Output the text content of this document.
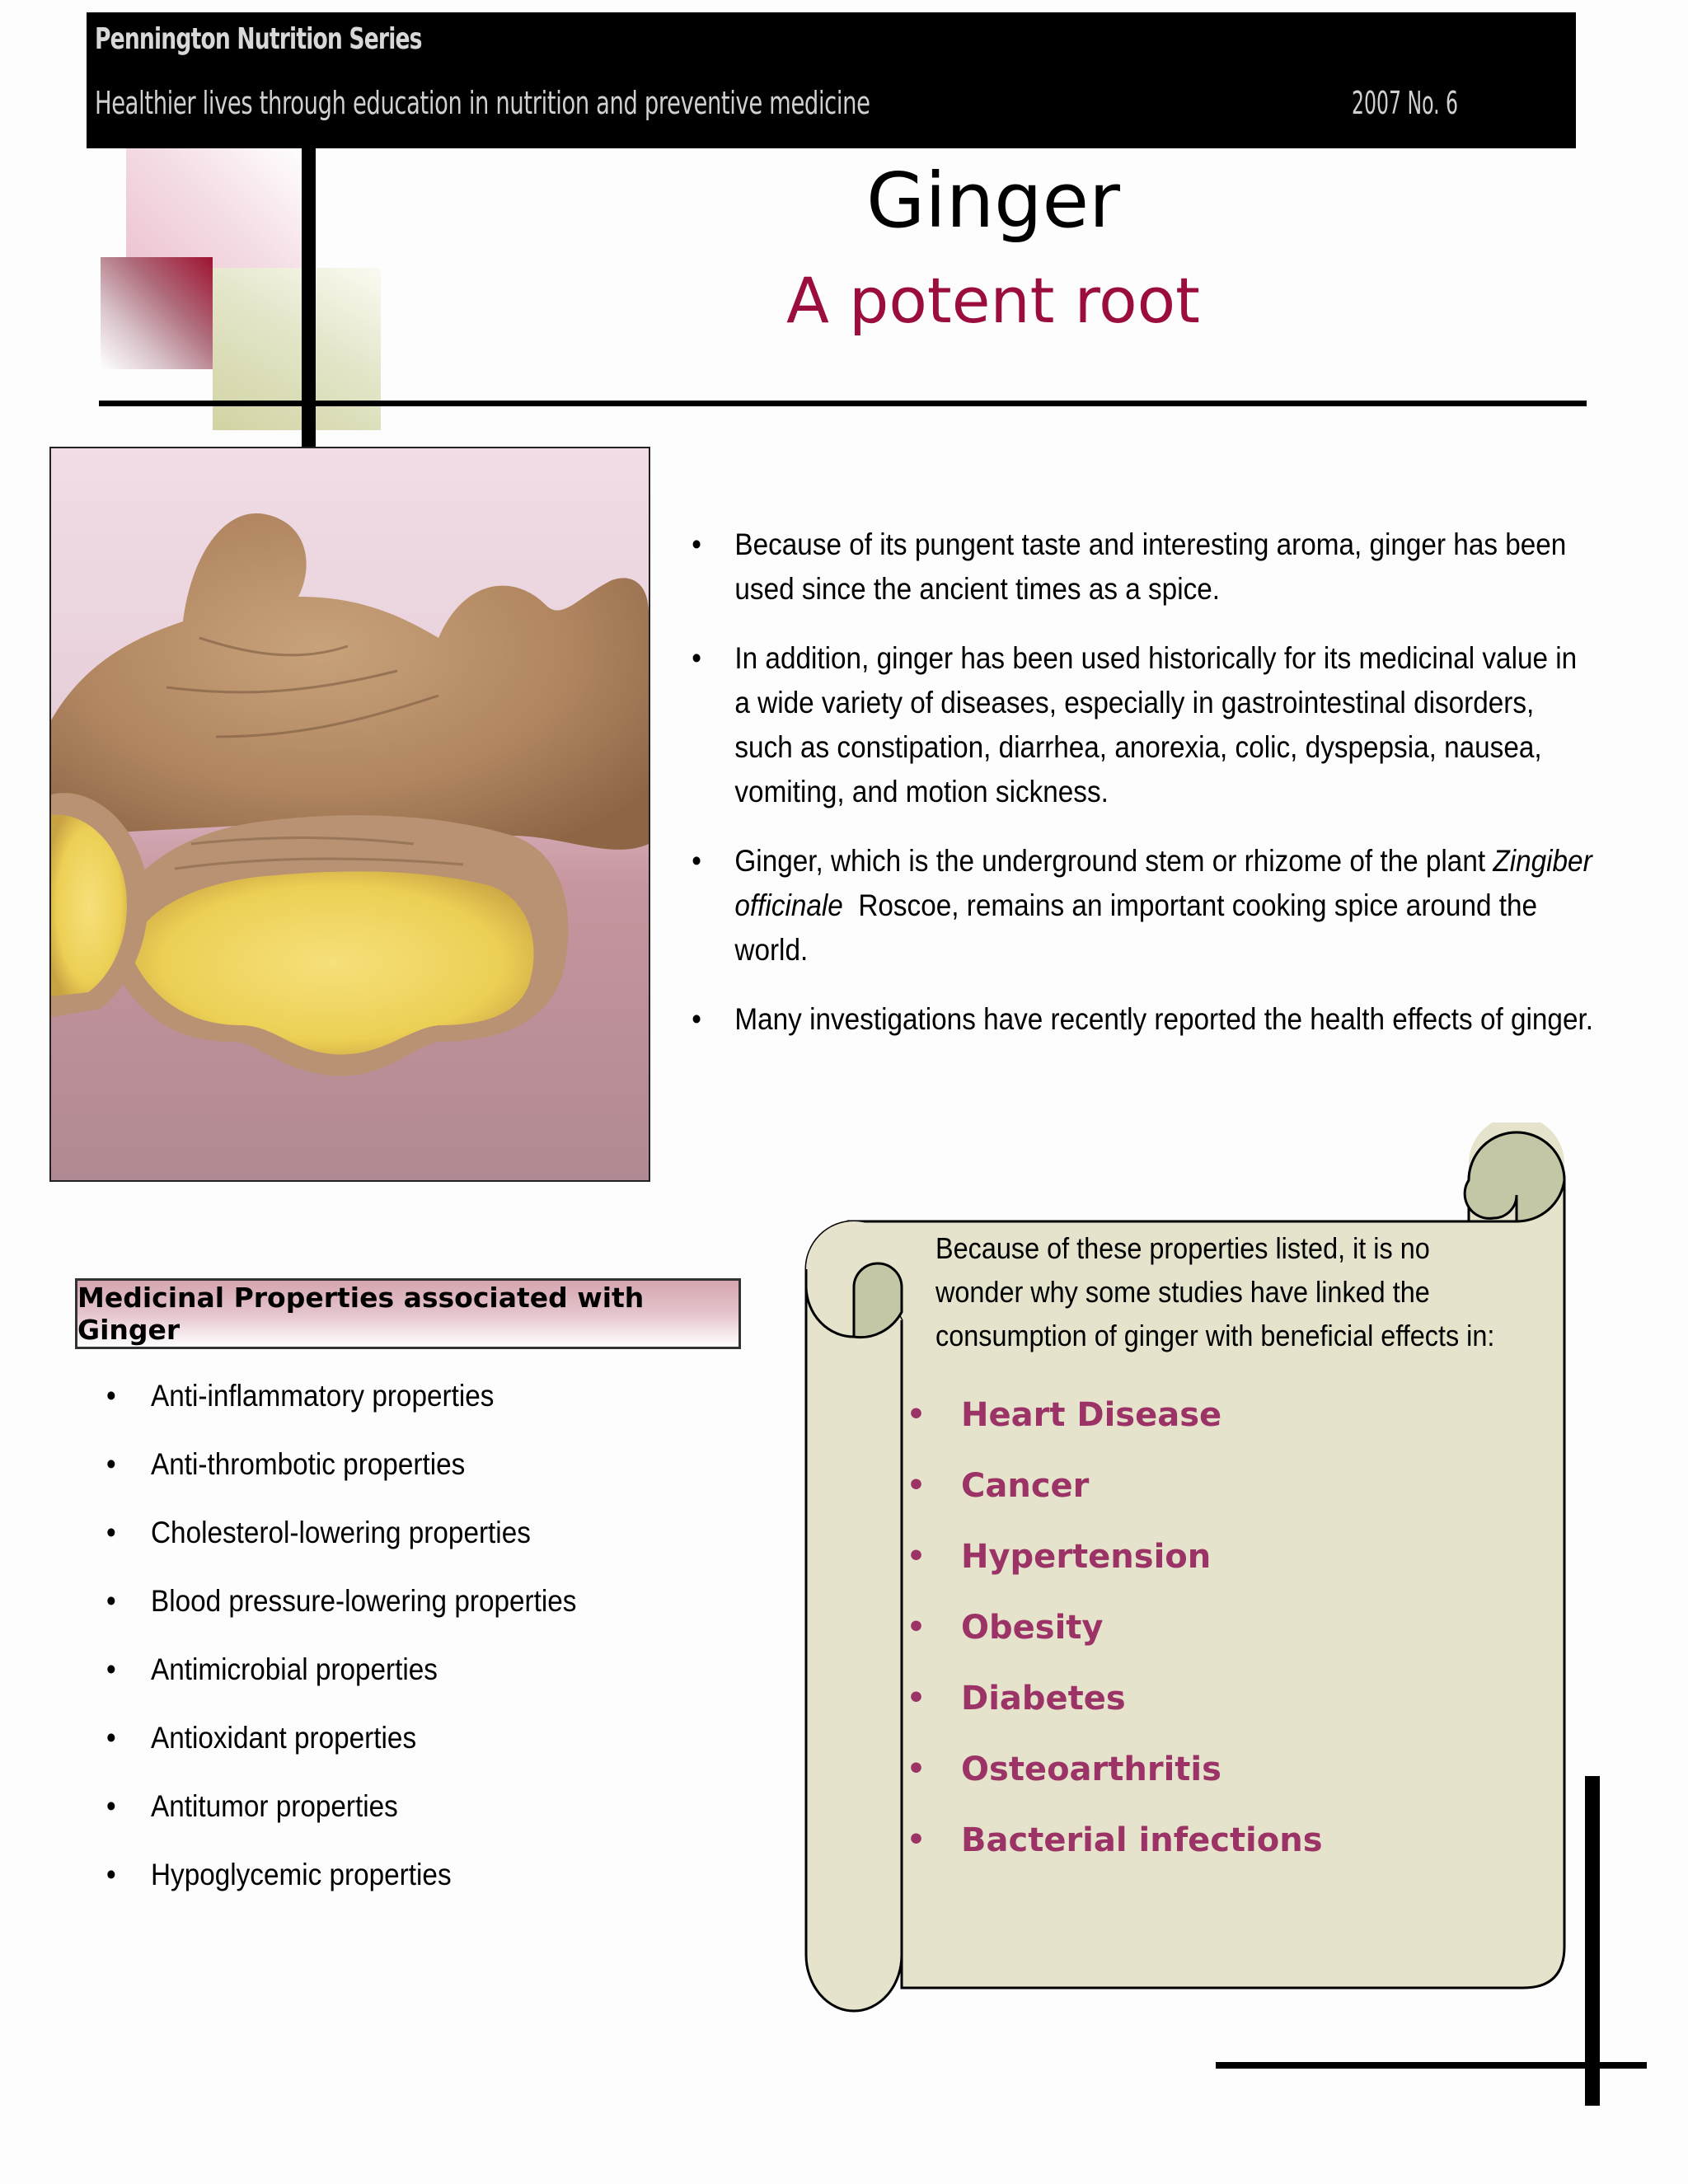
Pennington Nutrition Series
Healthier lives through education in nutrition and preventive medicine	2007 No. 6
Ginger
A potent root
• Because of its pungent taste and interesting aroma, ginger has been used since the ancient times as a spice.
• In addition, ginger has been used historically for its medicinal value in a wide variety of diseases, especially in gastrointestinal disorders, such as constipation, diarrhea, anorexia, colic, dyspepsia, nausea, vomiting, and motion sickness.
• Ginger, which is the underground stem or rhizome of the plant Zingiber officinale  Roscoe, remains an important cooking spice around the world.
• Many investigations have recently reported the health effects of ginger.
Medicinal Properties associated with Ginger
• Anti-inflammatory properties
• Anti-thrombotic properties
• Cholesterol-lowering properties
• Blood pressure-lowering properties
• Antimicrobial properties
• Antioxidant properties
• Antitumor properties
• Hypoglycemic properties
Because of these properties listed, it is no wonder why some studies have linked the consumption of ginger with beneficial effects in:
• Heart Disease
• Cancer
• Hypertension
• Obesity
• Diabetes
• Osteoarthritis
• Bacterial infections
